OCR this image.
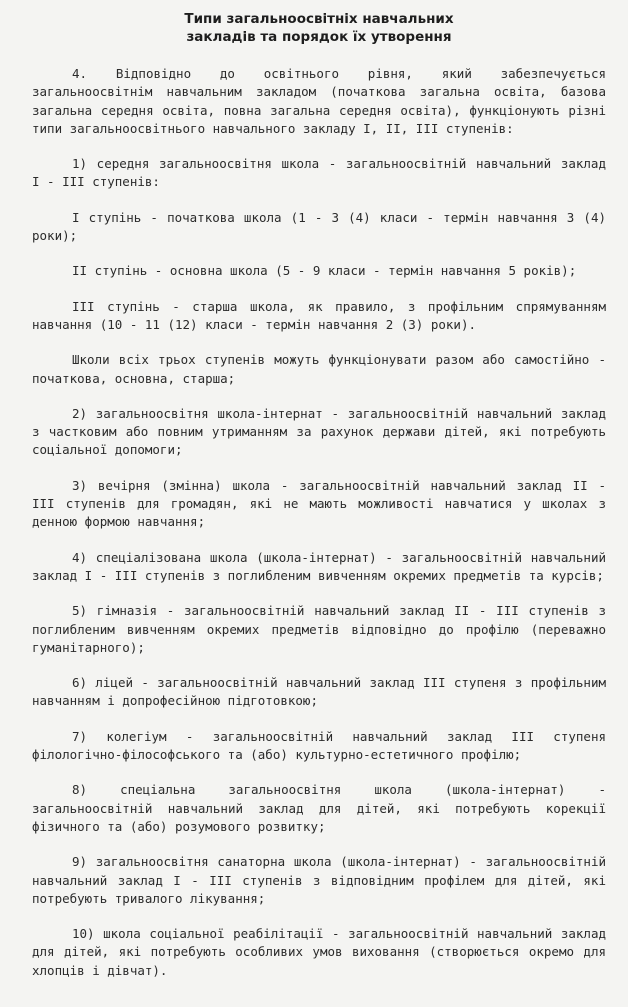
Типи загальноосвітніх навчальних
закладів та порядок їх утворення

4. Відповідно до освітнього рівня, який забезпечується загальноосвітнім навчальним закладом (початкова загальна освіта, базова загальна середня освіта, повна загальна середня освіта), функціонують різні типи загальноосвітнього навчального закладу I, II, III ступенів:

1) середня загальноосвітня школа - загальноосвітній навчальний заклад I - III ступенів:

I ступінь - початкова школа (1 - 3 (4) класи - термін навчання 3 (4) роки);

II ступінь - основна школа (5 - 9 класи - термін навчання 5 років);

III ступінь - старша школа, як правило, з профільним спрямуванням навчання (10 - 11 (12) класи - термін навчання 2 (3) роки).

Школи всіх трьох ступенів можуть функціонувати разом або самостійно - початкова, основна, старша;

2) загальноосвітня школа-інтернат - загальноосвітній навчальний заклад з частковим або повним утриманням за рахунок держави дітей, які потребують соціальної допомоги;

3) вечірня (змінна) школа - загальноосвітній навчальний заклад II - III ступенів для громадян, які не мають можливості навчатися у школах з денною формою навчання;

4) спеціалізована школа (школа-інтернат) - загальноосвітній навчальний заклад I - III ступенів з поглибленим вивченням окремих предметів та курсів;

5) гімназія - загальноосвітній навчальний заклад II - III ступенів з поглибленим вивченням окремих предметів відповідно до профілю (переважно гуманітарного);

6) ліцей - загальноосвітній навчальний заклад III ступеня з профільним навчанням і допрофесійною підготовкою;

7) колегіум - загальноосвітній навчальний заклад III ступеня філологічно-філософського та (або) культурно-естетичного профілю;

8) спеціальна загальноосвітня школа (школа-інтернат) - загальноосвітній навчальний заклад для дітей, які потребують корекції фізичного та (або) розумового розвитку;

9) загальноосвітня санаторна школа (школа-інтернат) - загальноосвітній навчальний заклад I - III ступенів з відповідним профілем для дітей, які потребують тривалого лікування;

10) школа соціальної реабілітації - загальноосвітній навчальний заклад для дітей, які потребують особливих умов виховання (створюється окремо для хлопців і дівчат).
